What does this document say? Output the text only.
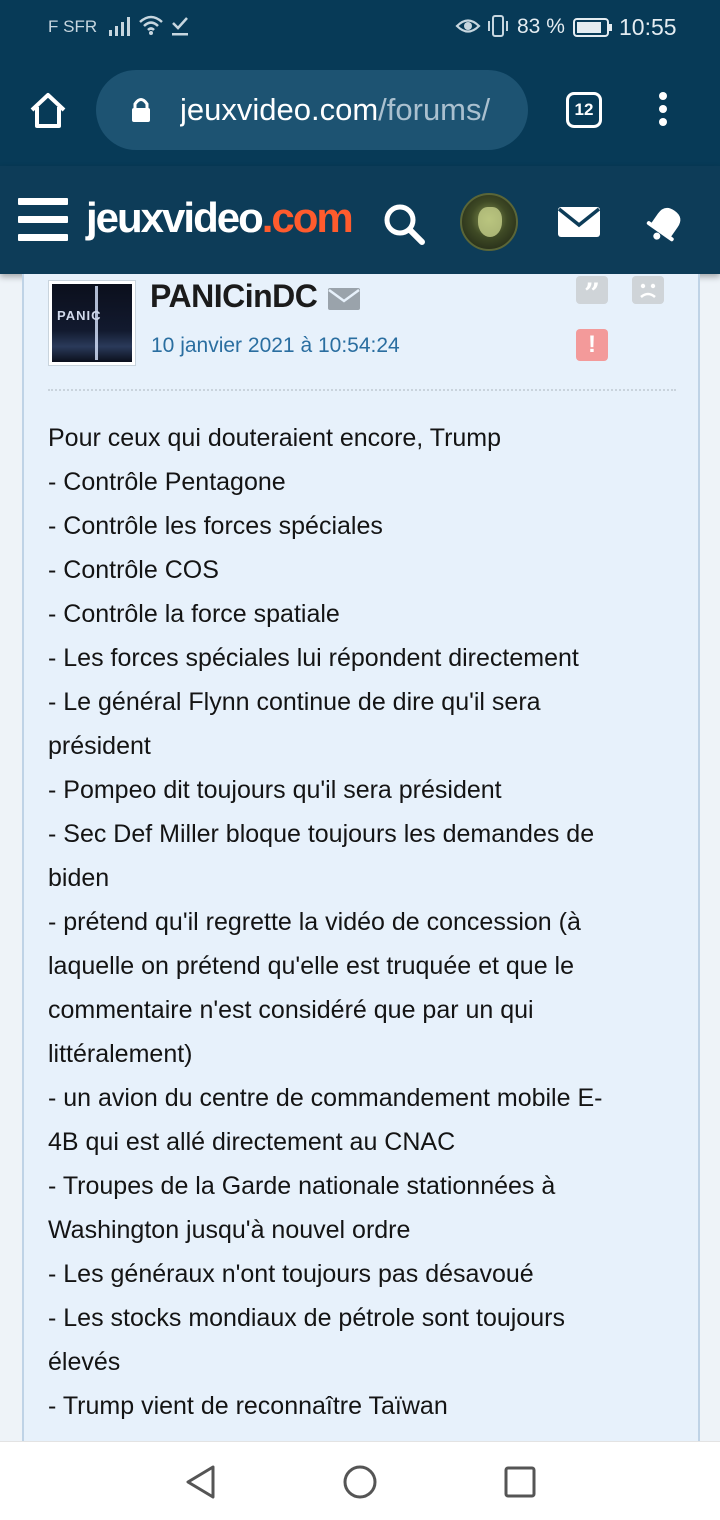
F SFR	83 % 10:55
jeuxvideo.com/forums/	12
jeuxvideo.com
PANIC
PANICinDC
10 janvier 2021 à 10:54:24
”
!
Pour ceux qui douteraient encore, Trump
- Contrôle Pentagone
- Contrôle les forces spéciales
- Contrôle COS
- Contrôle la force spatiale
- Les forces spéciales lui répondent directement
- Le général Flynn continue de dire qu'il sera
président
- Pompeo dit toujours qu'il sera président
- Sec Def Miller bloque toujours les demandes de
biden
- prétend qu'il regrette la vidéo de concession (à
laquelle on prétend qu'elle est truquée et que le
commentaire n'est considéré que par un qui
littéralement)
- un avion du centre de commandement mobile E-
4B qui est allé directement au CNAC
- Troupes de la Garde nationale stationnées à
Washington jusqu'à nouvel ordre
- Les généraux n'ont toujours pas désavoué
- Les stocks mondiaux de pétrole sont toujours
élevés
- Trump vient de reconnaître Taïwan
